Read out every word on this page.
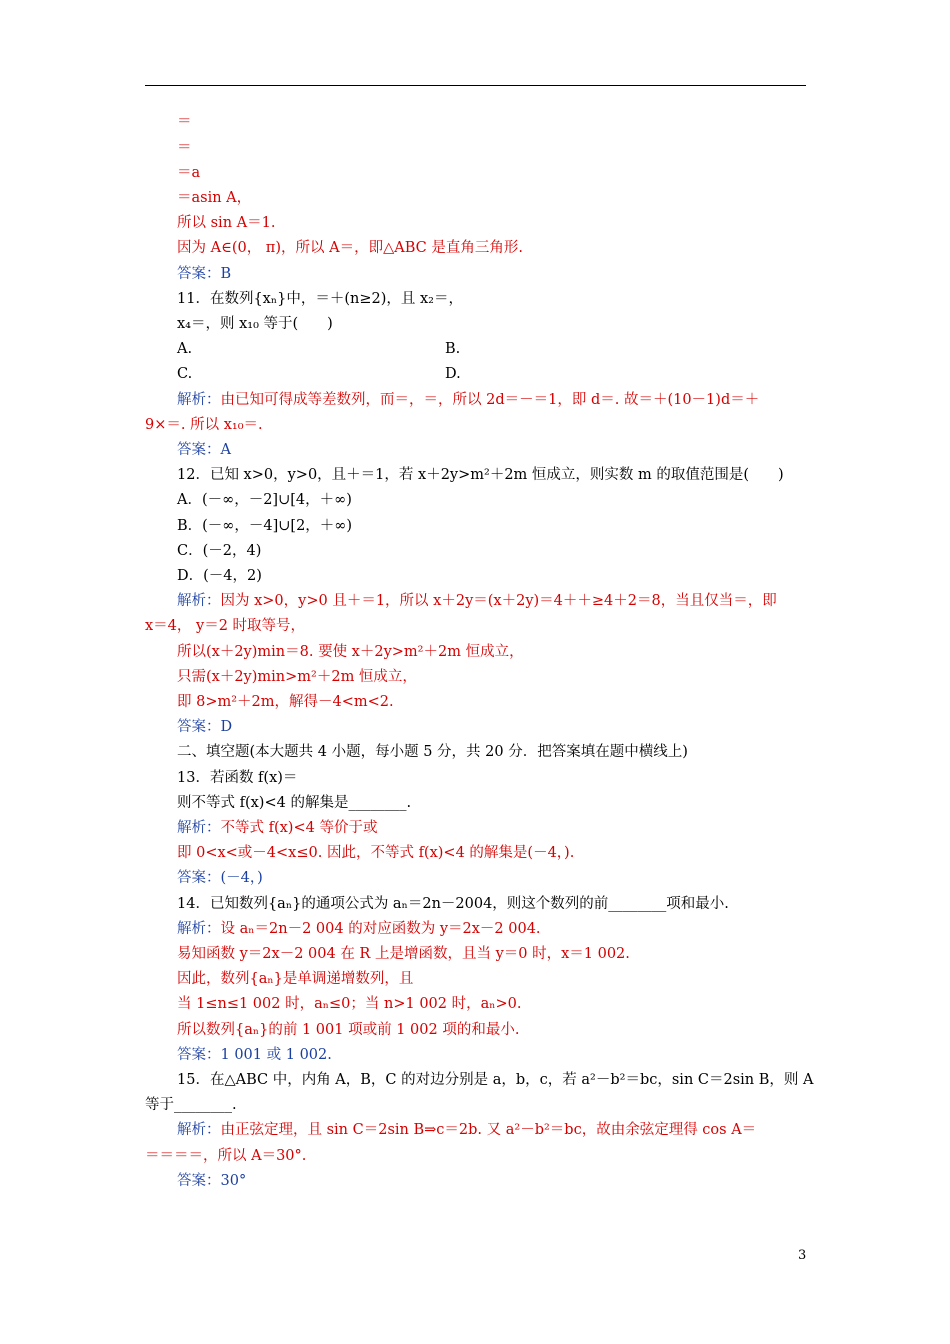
＝
＝
＝a
＝asin A，
所以 sin A＝1.
因为 A∈(0， π)，所以 A＝，即△ABC 是直角三角形.
答案：B
11．在数列{xₙ}中，＝＋(n≥2)，且 x₂＝，
x₄＝，则 x₁₀ 等于(　　)
A.	B.
C.	D.
解析：由已知可得成等差数列，而＝，＝，所以 2d＝－＝1，即 d＝. 故＝＋(10－1)d＝＋
9×＝. 所以 x₁₀＝.
答案：A
12．已知 x>0，y>0，且＋＝1，若 x＋2y>m²＋2m 恒成立，则实数 m 的取值范围是(　　)
A．(－∞，－2]∪[4，＋∞)
B．(－∞，－4]∪[2，＋∞)
C．(－2，4)
D．(－4，2)
解析：因为 x>0，y>0 且＋＝1，所以 x＋2y＝(x＋2y)＝4＋＋≥4＋2＝8，当且仅当＝，即
x＝4， y＝2 时取等号，
所以(x＋2y)min＝8. 要使 x＋2y>m²＋2m 恒成立，
只需(x＋2y)min>m²＋2m 恒成立，
即 8>m²＋2m，解得－4<m<2.
答案：D
二、填空题(本大题共 4 小题，每小题 5 分，共 20 分．把答案填在题中横线上)
13．若函数 f(x)＝
则不等式 f(x)<4 的解集是________.
解析：不等式 f(x)<4 等价于或
即 0<x<或－4<x≤0. 因此，不等式 f(x)<4 的解集是(－4，).
答案：(－4，)
14．已知数列{aₙ}的通项公式为 aₙ＝2n－2004，则这个数列的前________项和最小.
解析：设 aₙ＝2n－2 004 的对应函数为 y＝2x－2 004.
易知函数 y＝2x－2 004 在 R 上是增函数，且当 y＝0 时，x＝1 002.
因此，数列{aₙ}是单调递增数列，且
当 1≤n≤1 002 时，aₙ≤0；当 n>1 002 时，aₙ>0.
所以数列{aₙ}的前 1 001 项或前 1 002 项的和最小.
答案：1 001 或 1 002.
15．在△ABC 中，内角 A，B，C 的对边分别是 a，b，c，若 a²－b²＝bc，sin C＝2sin B，则 A
等于________.
解析：由正弦定理，且 sin C＝2sin B⇒c＝2b. 又 a²－b²＝bc，故由余弦定理得 cos A＝
＝＝＝＝，所以 A＝30°.
答案：30°
3
